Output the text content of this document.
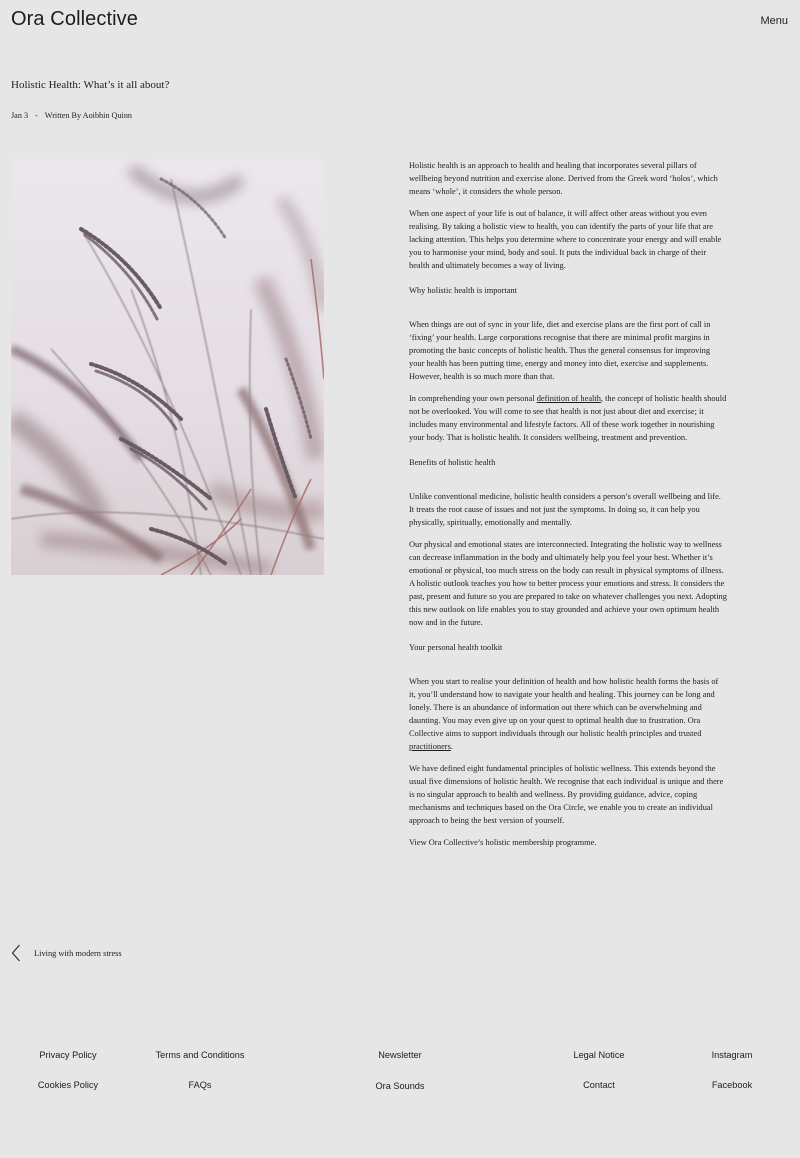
Ora Collective	Menu
Holistic Health: What’s it all about?
Jan 3 - Written By Aoibhin Quinn

Holistic health is an approach to health and healing that incorporates several pillars of wellbeing beyond nutrition and exercise alone. Derived from the Greek word ‘holos’, which means ‘whole’, it considers the whole person.

When one aspect of your life is out of balance, it will affect other areas without you even realising. By taking a holistic view to health, you can identify the parts of your life that are lacking attention. This helps you determine where to concentrate your energy and will enable you to harmonise your mind, body and soul. It puts the individual back in charge of their health and ultimately becomes a way of living.

Why holistic health is important

When things are out of sync in your life, diet and exercise plans are the first port of call in ‘fixing’ your health. Large corporations recognise that there are minimal profit margins in promoting the basic concepts of holistic health. Thus the general consensus for improving your health has been putting time, energy and money into diet, exercise and supplements. However, health is so much more than that.

In comprehending your own personal definition of health, the concept of holistic health should not be overlooked. You will come to see that health is not just about diet and exercise; it includes many environmental and lifestyle factors. All of these work together in nourishing your body. That is holistic health. It considers wellbeing, treatment and prevention.

Benefits of holistic health

Unlike conventional medicine, holistic health considers a person’s overall wellbeing and life. It treats the root cause of issues and not just the symptoms. In doing so, it can help you physically, spiritually, emotionally and mentally.

Our physical and emotional states are interconnected. Integrating the holistic way to wellness can decrease inflammation in the body and ultimately help you feel your best. Whether it’s emotional or physical, too much stress on the body can result in physical symptoms of illness. A holistic outlook teaches you how to better process your emotions and stress. It considers the past, present and future so you are prepared to take on whatever challenges you next. Adopting this new outlook on life enables you to stay grounded and achieve your own optimum health now and in the future.

Your personal health toolkit

When you start to realise your definition of health and how holistic health forms the basis of it, you’ll understand how to navigate your health and healing. This journey can be long and lonely. There is an abundance of information out there which can be overwhelming and daunting. You may even give up on your quest to optimal health due to frustration. Ora Collective aims to support individuals through our holistic health principles and trusted practitioners.

We have defined eight fundamental principles of holistic wellness. This extends beyond the usual five dimensions of holistic health. We recognise that each individual is unique and there is no singular approach to health and wellness. By providing guidance, advice, coping mechanisms and techniques based on the Ora Circle, we enable you to create an individual approach to being the best version of yourself.

View Ora Collective’s holistic membership programme.

Living with modern stress
Privacy Policy	Terms and Conditions	Newsletter	Legal Notice	Instagram
Cookies Policy	FAQs	Ora Sounds	Contact	Facebook
